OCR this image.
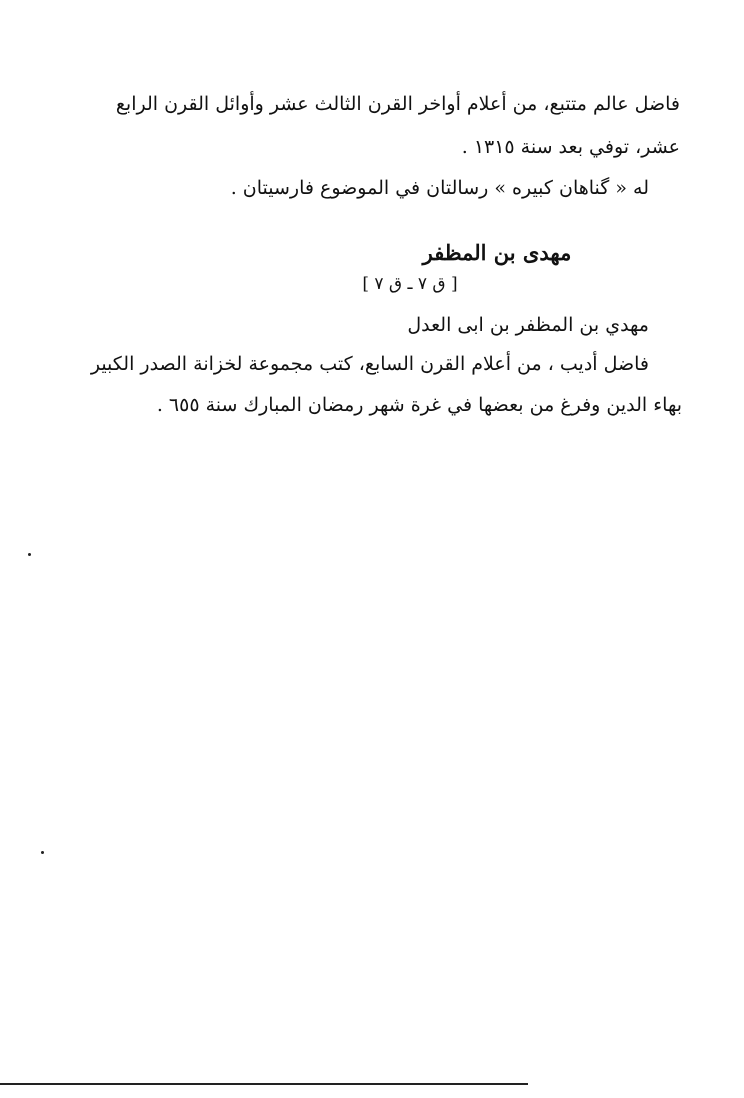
فاضل عالم متتبع، من أعلام أواخر القرن الثالث عشر وأوائل القرن الرابع
عشر، توفي بعد سنة ١٣١٥ .
له « گناهان كبيره » رسالتان في الموضوع فارسيتان .
مهدى بن المظفر
[ ق ٧ ـ ق ٧ ]
مهدي بن المظفر بن ابى العدل
فاضل أديب ، من أعلام القرن السابع، كتب مجموعة لخزانة الصدر الكبير
بهاء الدين وفرغ من بعضها في غرة شهر رمضان المبارك سنة ٦٥٥ .
